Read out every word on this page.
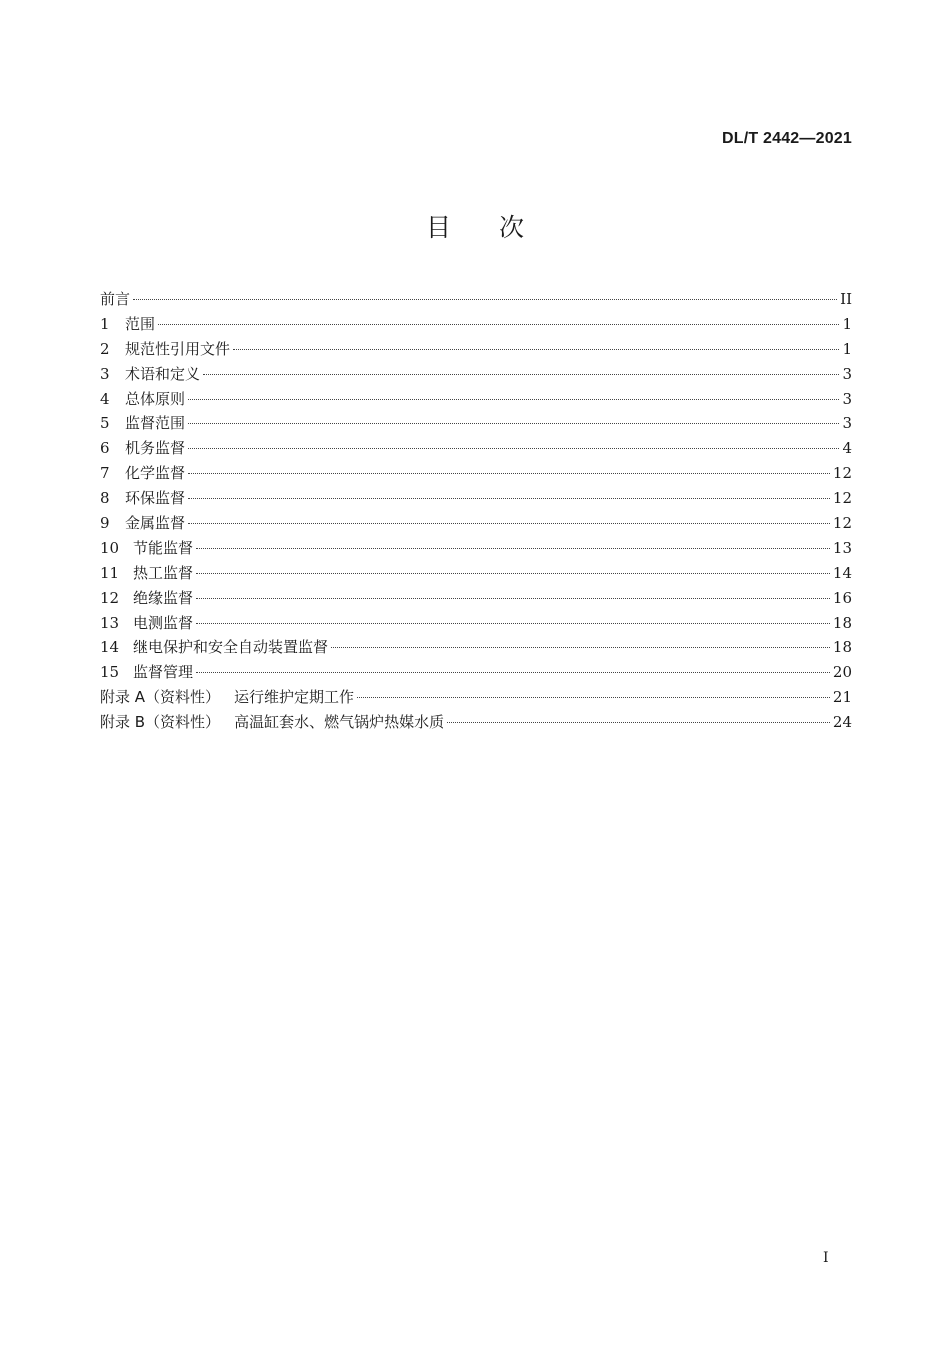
DL/T 2442—2021
目次
前言	II
1 范围	1
2 规范性引用文件	1
3 术语和定义	3
4 总体原则	3
5 监督范围	3
6 机务监督	4
7 化学监督	12
8 环保监督	12
9 金属监督	12
10 节能监督	13
11 热工监督	14
12 绝缘监督	16
13 电测监督	18
14 继电保护和安全自动装置监督	18
15 监督管理	20
附录 A（资料性） 运行维护定期工作	21
附录 B（资料性） 高温缸套水、燃气锅炉热媒水质	24
I
